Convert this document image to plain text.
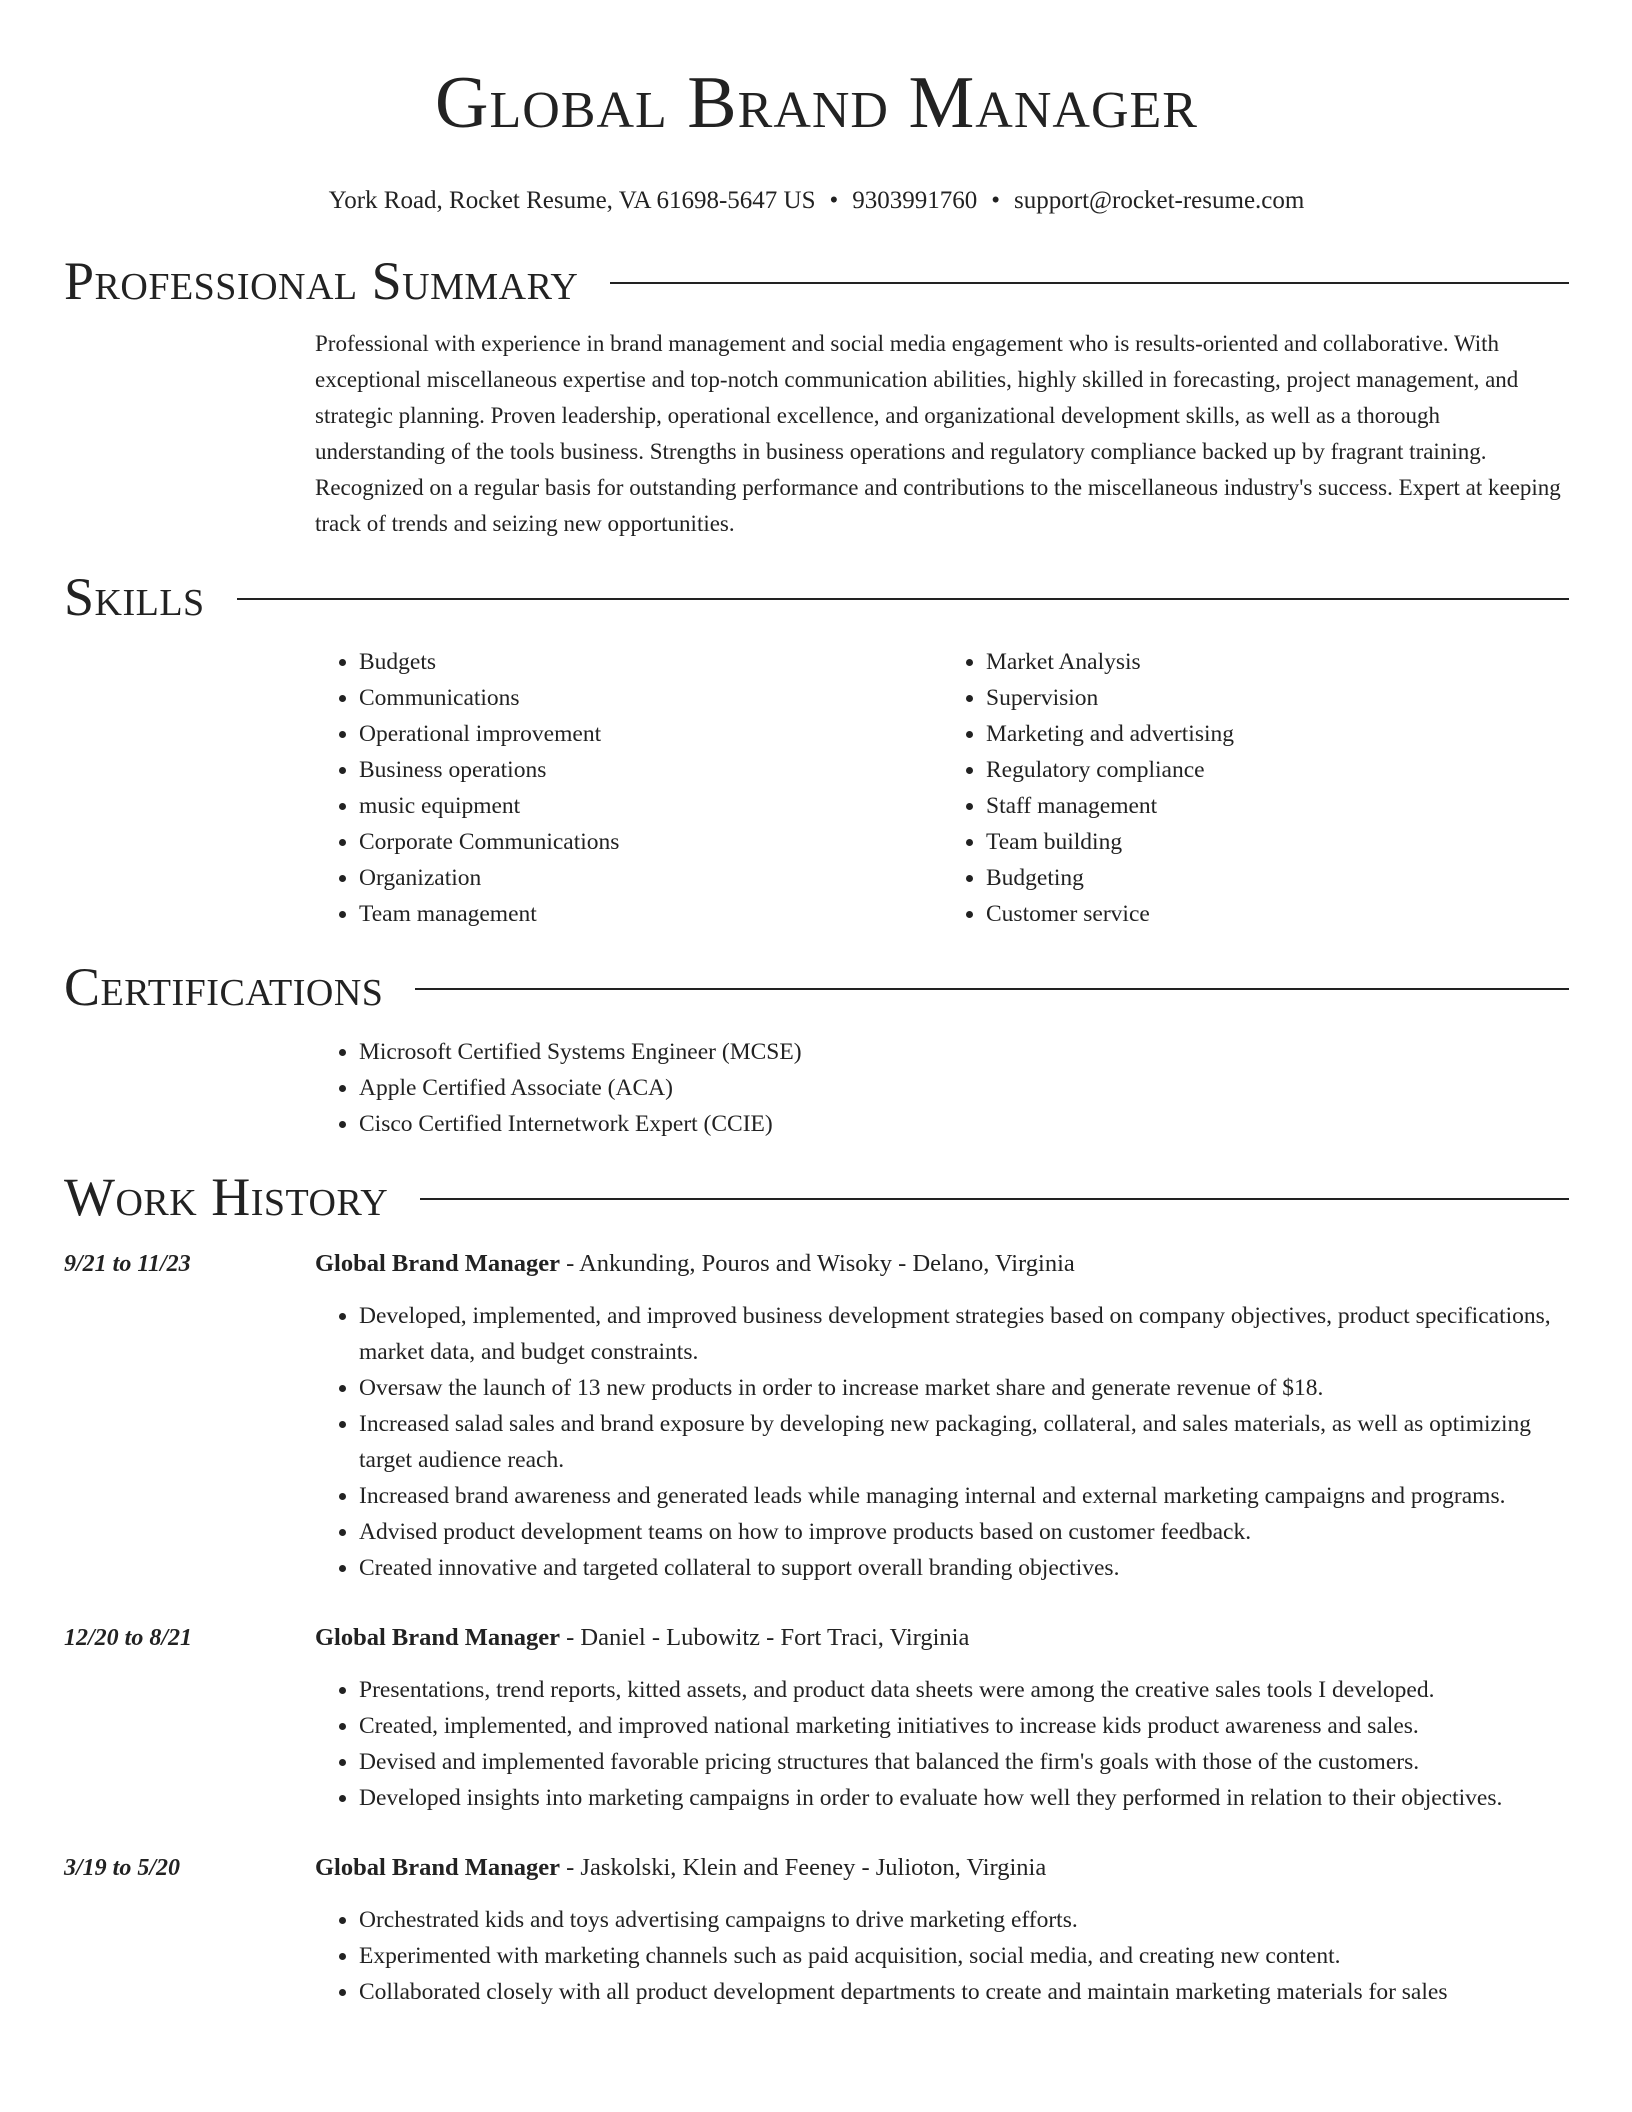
Global Brand Manager
York Road, Rocket Resume, VA 61698-5647 US • 9303991760 • support@rocket-resume.com
Professional Summary
Professional with experience in brand management and social media engagement who is results-oriented and collaborative. With exceptional miscellaneous expertise and top-notch communication abilities, highly skilled in forecasting, project management, and strategic planning. Proven leadership, operational excellence, and organizational development skills, as well as a thorough understanding of the tools business. Strengths in business operations and regulatory compliance backed up by fragrant training. Recognized on a regular basis for outstanding performance and contributions to the miscellaneous industry's success. Expert at keeping track of trends and seizing new opportunities.
Skills
• Budgets
• Communications
• Operational improvement
• Business operations
• music equipment
• Corporate Communications
• Organization
• Team management
• Market Analysis
• Supervision
• Marketing and advertising
• Regulatory compliance
• Staff management
• Team building
• Budgeting
• Customer service
Certifications
• Microsoft Certified Systems Engineer (MCSE)
• Apple Certified Associate (ACA)
• Cisco Certified Internetwork Expert (CCIE)
Work History
9/21 to 11/23	Global Brand Manager - Ankunding, Pouros and Wisoky - Delano, Virginia
• Developed, implemented, and improved business development strategies based on company objectives, product specifications, market data, and budget constraints.
• Oversaw the launch of 13 new products in order to increase market share and generate revenue of $18.
• Increased salad sales and brand exposure by developing new packaging, collateral, and sales materials, as well as optimizing target audience reach.
• Increased brand awareness and generated leads while managing internal and external marketing campaigns and programs.
• Advised product development teams on how to improve products based on customer feedback.
• Created innovative and targeted collateral to support overall branding objectives.
12/20 to 8/21	Global Brand Manager - Daniel - Lubowitz - Fort Traci, Virginia
• Presentations, trend reports, kitted assets, and product data sheets were among the creative sales tools I developed.
• Created, implemented, and improved national marketing initiatives to increase kids product awareness and sales.
• Devised and implemented favorable pricing structures that balanced the firm's goals with those of the customers.
• Developed insights into marketing campaigns in order to evaluate how well they performed in relation to their objectives.
3/19 to 5/20	Global Brand Manager - Jaskolski, Klein and Feeney - Julioton, Virginia
• Orchestrated kids and toys advertising campaigns to drive marketing efforts.
• Experimented with marketing channels such as paid acquisition, social media, and creating new content.
• Collaborated closely with all product development departments to create and maintain marketing materials for sales
